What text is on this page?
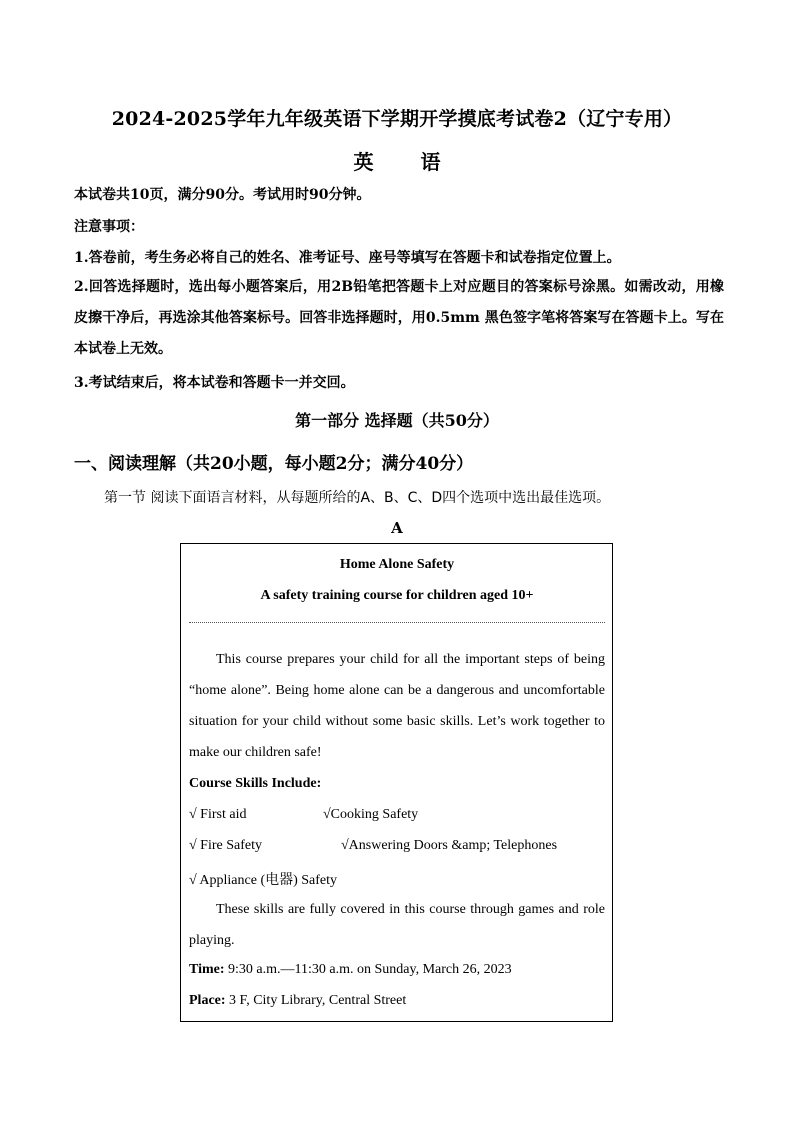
2024-2025学年九年级英语下学期开学摸底考试卷2（辽宁专用）
英 语
本试卷共10页，满分90分。考试用时90分钟。
注意事项：
1.答卷前，考生务必将自己的姓名、准考证号、座号等填写在答题卡和试卷指定位置上。
2.回答选择题时，选出每小题答案后，用2B铅笔把答题卡上对应题目的答案标号涂黑。如需改动，用橡皮擦干净后，再选涂其他答案标号。回答非选择题时，用0.5mm 黑色签字笔将答案写在答题卡上。写在本试卷上无效。
3.考试结束后，将本试卷和答题卡一并交回。
第一部分 选择题（共50分）
一、阅读理解（共20小题，每小题2分；满分40分）
第一节 阅读下面语言材料，从每题所给的A、B、C、D四个选项中选出最佳选项。
A
Home Alone Safety
A safety training course for children aged 10+
This course prepares your child for all the important steps of being “home alone”. Being home alone can be a dangerous and uncomfortable situation for your child without some basic skills. Let’s work together to make our children safe!
Course Skills Include:
√ First aid	√Cooking Safety
√ Fire Safety	√Answering Doors &amp; Telephones
√ Appliance (电器) Safety
These skills are fully covered in this course through games and role playing.
Time: 9:30 a.m.—11:30 a.m. on Sunday, March 26, 2023
Place: 3 F, City Library, Central Street
